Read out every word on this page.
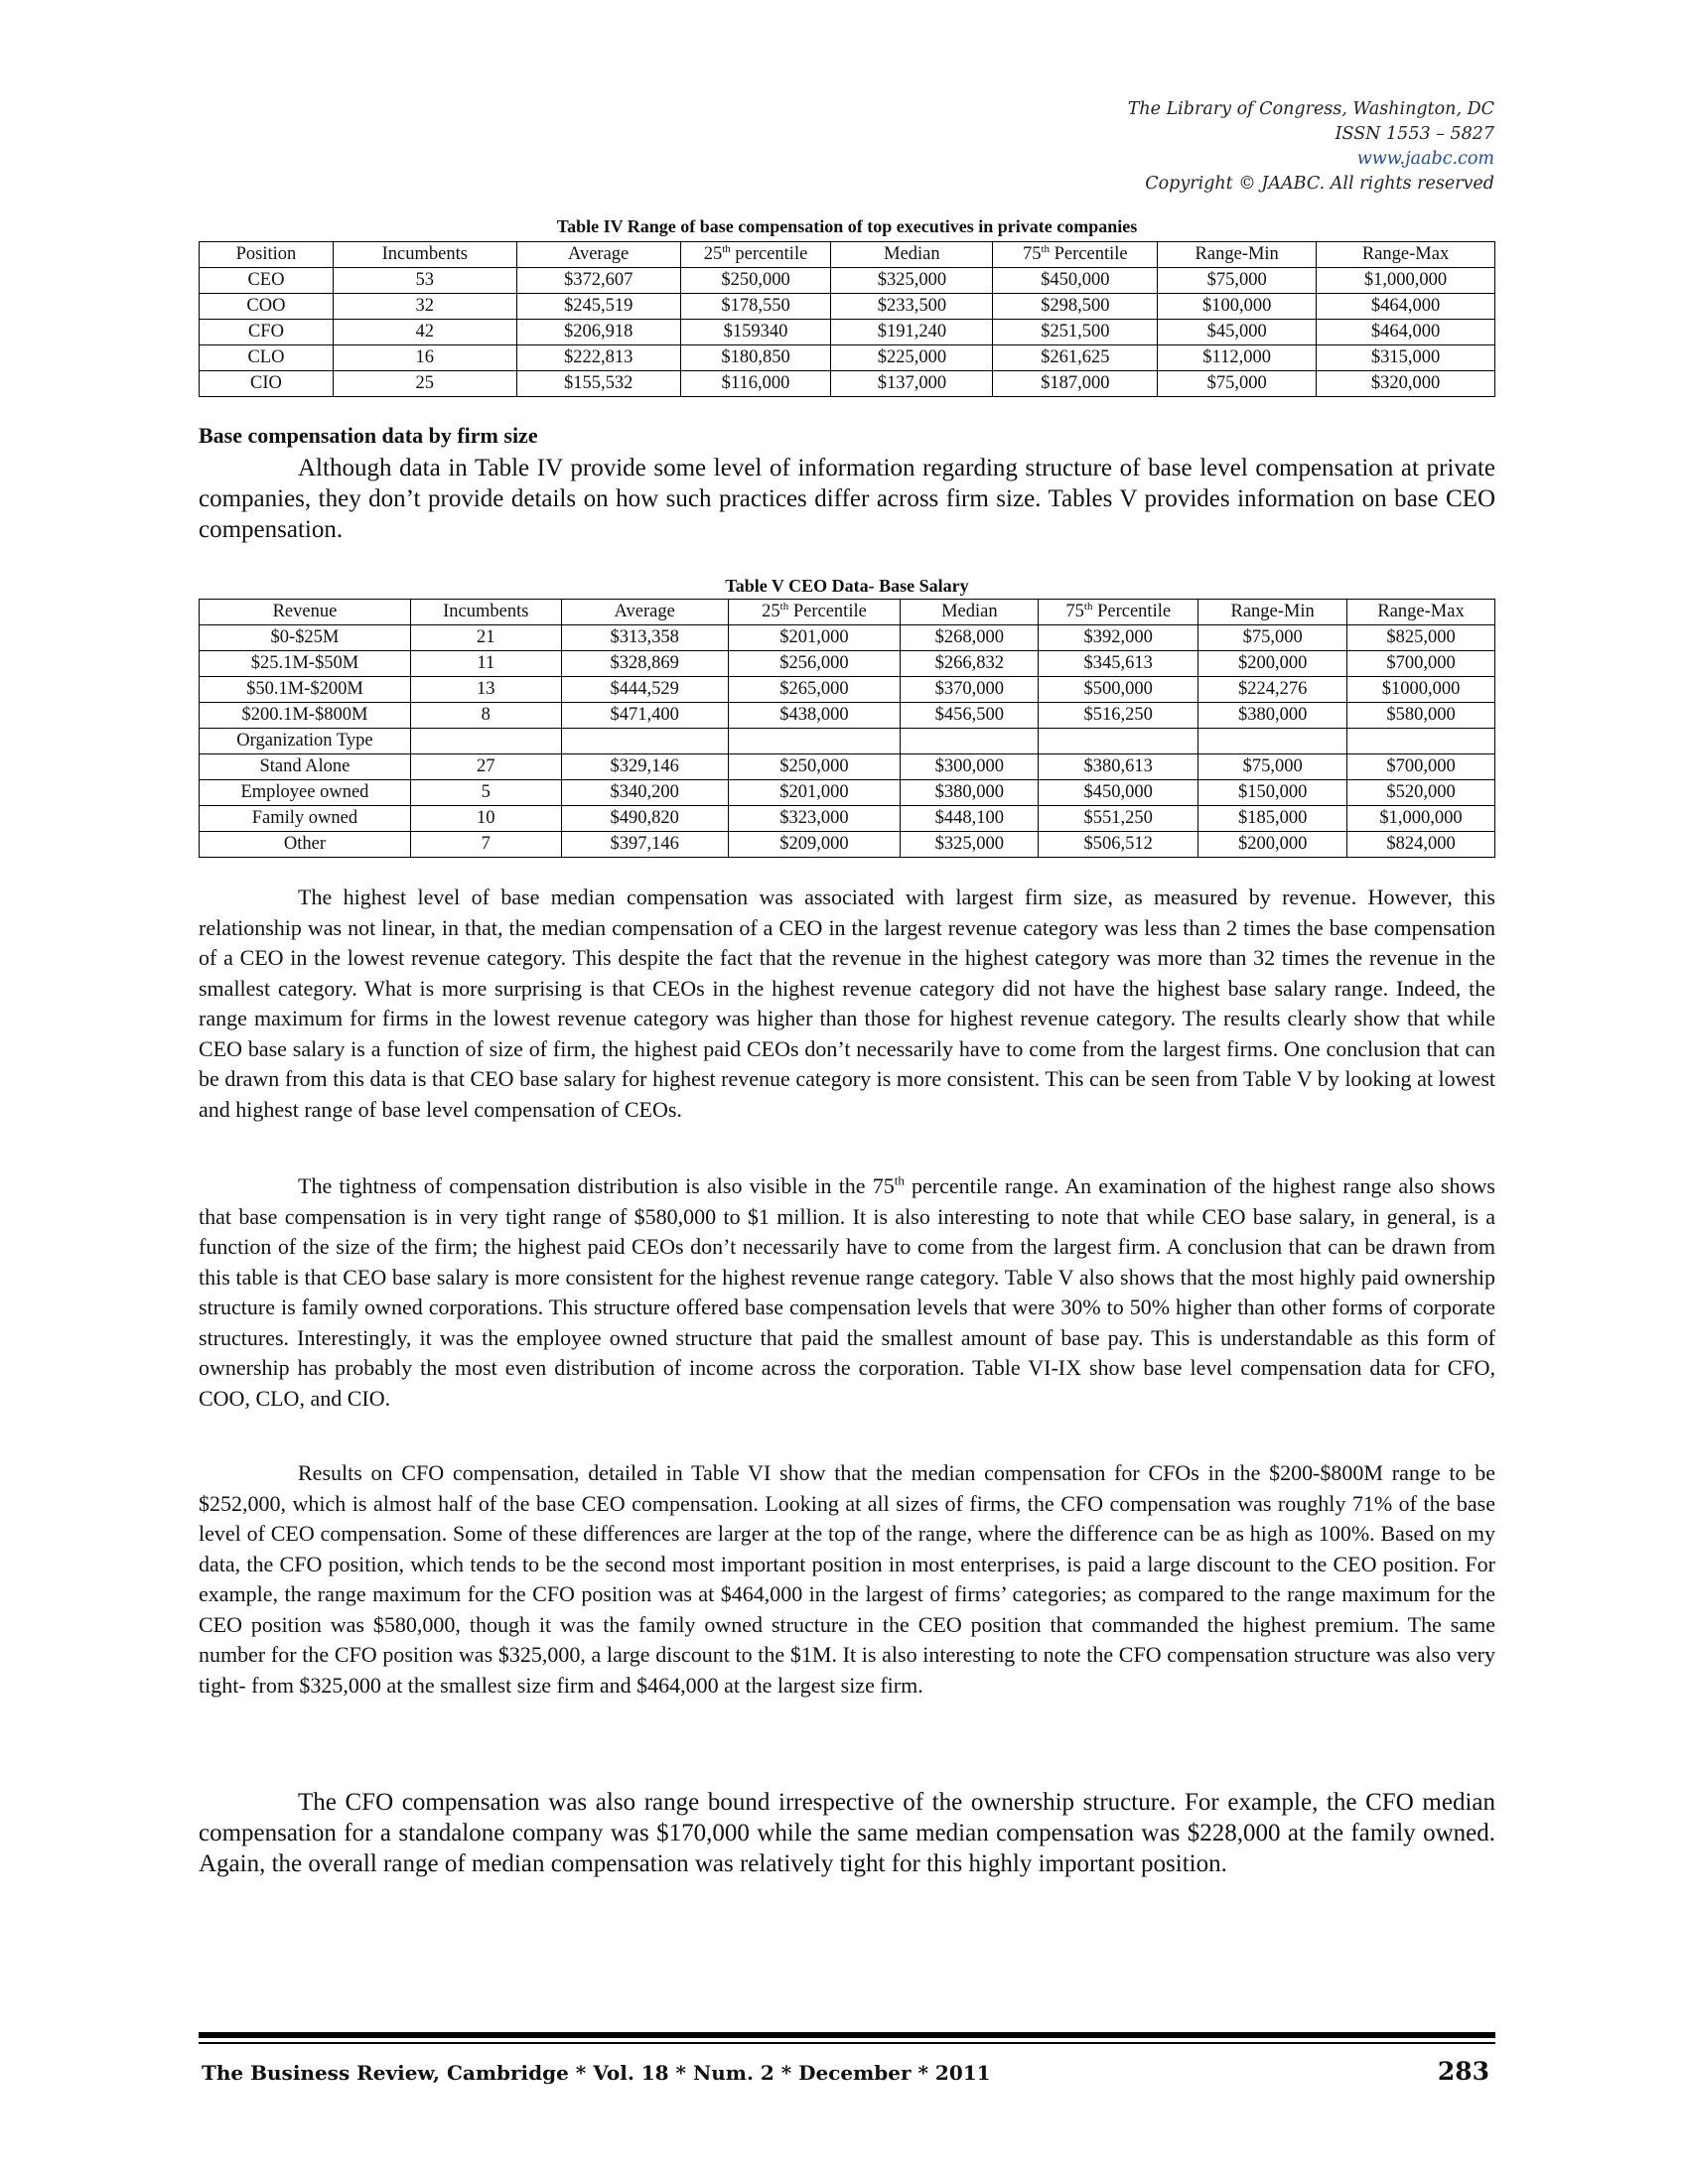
The Library of Congress, Washington, DC
ISSN 1553 – 5827
www.jaabc.com
Copyright © JAABC. All rights reserved
Table IV Range of base compensation of top executives in private companies
Position	Incumbents	Average	25th percentile	Median	75th Percentile	Range-Min	Range-Max
CEO	53	$372,607	$250,000	$325,000	$450,000	$75,000	$1,000,000
COO	32	$245,519	$178,550	$233,500	$298,500	$100,000	$464,000
CFO	42	$206,918	$159340	$191,240	$251,500	$45,000	$464,000
CLO	16	$222,813	$180,850	$225,000	$261,625	$112,000	$315,000
CIO	25	$155,532	$116,000	$137,000	$187,000	$75,000	$320,000
Base compensation data by firm size

Although data in Table IV provide some level of information regarding structure of base level compensation at private companies, they don’t provide details on how such practices differ across firm size. Tables V provides information on base CEO compensation.

Table V CEO Data- Base Salary
Revenue	Incumbents	Average	25th Percentile	Median	75th Percentile	Range-Min	Range-Max
$0-$25M	21	$313,358	$201,000	$268,000	$392,000	$75,000	$825,000
$25.1M-$50M	11	$328,869	$256,000	$266,832	$345,613	$200,000	$700,000
$50.1M-$200M	13	$444,529	$265,000	$370,000	$500,000	$224,276	$1000,000
$200.1M-$800M	8	$471,400	$438,000	$456,500	$516,250	$380,000	$580,000
Organization Type							
Stand Alone	27	$329,146	$250,000	$300,000	$380,613	$75,000	$700,000
Employee owned	5	$340,200	$201,000	$380,000	$450,000	$150,000	$520,000
Family owned	10	$490,820	$323,000	$448,100	$551,250	$185,000	$1,000,000
Other	7	$397,146	$209,000	$325,000	$506,512	$200,000	$824,000

The highest level of base median compensation was associated with largest firm size, as measured by revenue. However, this relationship was not linear, in that, the median compensation of a CEO in the largest revenue category was less than 2 times the base compensation of a CEO in the lowest revenue category. This despite the fact that the revenue in the highest category was more than 32 times the revenue in the smallest category. What is more surprising is that CEOs in the highest revenue category did not have the highest base salary range. Indeed, the range maximum for firms in the lowest revenue category was higher than those for highest revenue category. The results clearly show that while CEO base salary is a function of size of firm, the highest paid CEOs don’t necessarily have to come from the largest firms. One conclusion that can be drawn from this data is that CEO base salary for highest revenue category is more consistent. This can be seen from Table V by looking at lowest and highest range of base level compensation of CEOs.

The tightness of compensation distribution is also visible in the 75th percentile range. An examination of the highest range also shows that base compensation is in very tight range of $580,000 to $1 million. It is also interesting to note that while CEO base salary, in general, is a function of the size of the firm; the highest paid CEOs don’t necessarily have to come from the largest firm. A conclusion that can be drawn from this table is that CEO base salary is more consistent for the highest revenue range category. Table V also shows that the most highly paid ownership structure is family owned corporations. This structure offered base compensation levels that were 30% to 50% higher than other forms of corporate structures. Interestingly, it was the employee owned structure that paid the smallest amount of base pay. This is understandable as this form of ownership has probably the most even distribution of income across the corporation. Table VI-IX show base level compensation data for CFO, COO, CLO, and CIO.

Results on CFO compensation, detailed in Table VI show that the median compensation for CFOs in the $200-$800M range to be $252,000, which is almost half of the base CEO compensation. Looking at all sizes of firms, the CFO compensation was roughly 71% of the base level of CEO compensation. Some of these differences are larger at the top of the range, where the difference can be as high as 100%. Based on my data, the CFO position, which tends to be the second most important position in most enterprises, is paid a large discount to the CEO position. For example, the range maximum for the CFO position was at $464,000 in the largest of firms’ categories; as compared to the range maximum for the CEO position was $580,000, though it was the family owned structure in the CEO position that commanded the highest premium. The same number for the CFO position was $325,000, a large discount to the $1M. It is also interesting to note the CFO compensation structure was also very tight- from $325,000 at the smallest size firm and $464,000 at the largest size firm.

The CFO compensation was also range bound irrespective of the ownership structure. For example, the CFO median compensation for a standalone company was $170,000 while the same median compensation was $228,000 at the family owned. Again, the overall range of median compensation was relatively tight for this highly important position.

The Business Review, Cambridge * Vol. 18 * Num. 2 * December * 2011	283
